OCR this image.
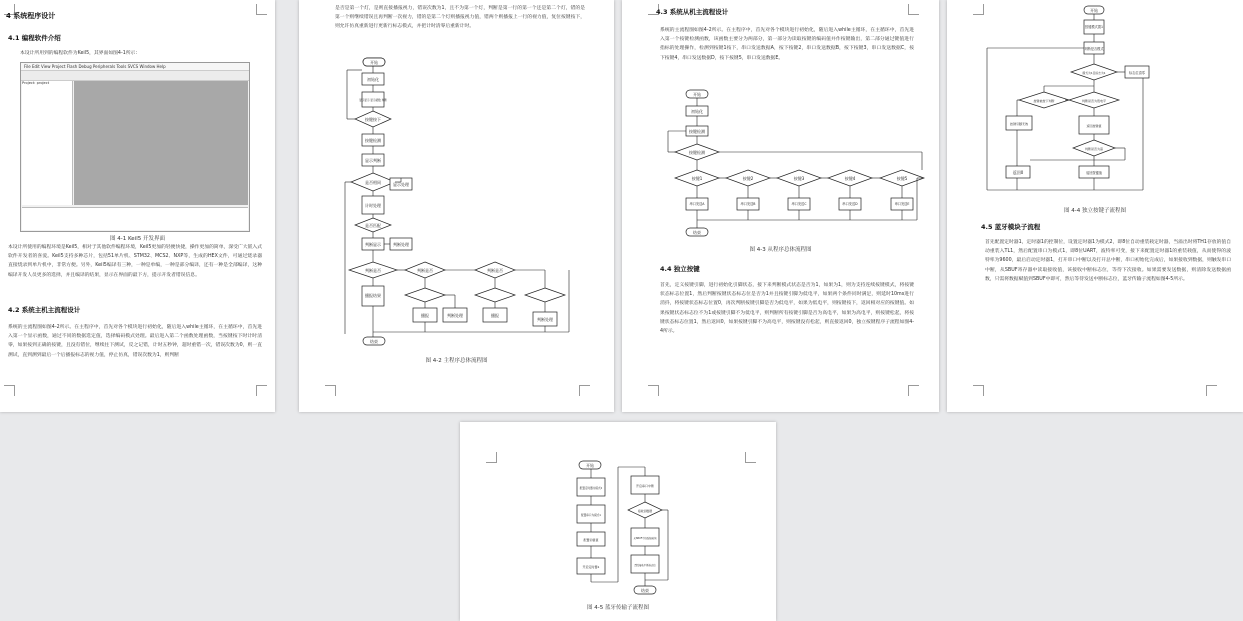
4 系统程序设计
4.1 编程软件介绍
本设计所用到的编程软件为Keil5，其界面如图4-1所示：
File Edit View Project Flash Debug Peripherals Tools SVCS Window Help
Project: project
图 4-1 Keil5 开发界面
本设计所使用的编程环境是Keil5，相对于其他软件编程环境，Keil5更加的轻便快捷，操作更加的简单，深受广大嵌入式软件开发者的喜爱。Keil5支持多种芯片，包括51单片机、STM32、MCS2、NXP等，生成的HEX文件，可通过烧录器直接烧录到单片机中，非常方便。另外，Keil5编译有三种，一种是单编，一种是部分编译，还有一种是全部编译，这种编译开发人员更多的选择，并且编译的结果，显示在界面的最下方，提示开发者错误信息。
4.2 系统主机主流程设计
系统的主流程图如图4-2所示。在主程序中，首先对各个模块进行初始化，随后进入while主循环，在主循环中，首先进入第一个显示函数，通过不同的数据选定值，选择编码模式处理。最后进入第二个函数处理函数，当按键按下时计时清零，如果按到正确的按键，且没有错位，继续往下测试，反之记错，计时五秒钟，超时重错一次，错误次数为0，则一直测试，直到测到最后一个后播报标志的视力值，停止仿真，错误次数为1，则判断
是否是第一个灯，是则直接播报视力，错误次数为1，且不为第一个灯，判断是第一行的第一个还是第二个灯，错的是第一个则继续错误且再判断一次视力，错的是第二个灯则播报视力值，错两个则播报上一行的视力值，复位按键按下，则允许仿真重新进行更新行标志模式，并把计时清零后重新计时。
开始
初始化
显示显示 显示函数 判断
按键按下
按键检测
显示判断
是否相同	显示处理
计时处理
是否匹配
判断显示	判断处理
判断是否	判断是否	判断是否
播报结果
播报	判断处理	播报
判断处理
结束
图 4-2 主程序总体流程图
4.3 系统从机主流程设计
系统的主流程图如图4-2所示。在主程序中，首先对各个模块进行初始化，随后进入while主循环，在主循环中，首先进入第一个按键检测函数，该函数主要分为两部分，第一部分为读取按键的编码值并作按键输出，第二部分通过键值进行指标的处理操作，检测到按键1按下，串口发送数据A，按下按键2，串口发送数据B，按下按键3，串口发送数据C，按下按键4，串口发送数据D，按下按键5，串口发送数据E。
开始
初始化
按键检测
按键检测
按键1	按键2	按键3	按键4	按键5
串口发送A	串口发送B	串口发送C	串口发送D	串口发送E
结束
图 4-3 从程序总体流程图
4.4 独立按键
首先，定义按键引脚，进行初始化引脚状态，接下来判断模式状态是否为1，如果为1，则为支持连续按键模式，将按键状态标志位置1，然后判断按键状态标志位是否为1并且按键引脚为低电平，如果两个条件同时满足，则延时10ms进行消抖，将按键状态标志位置0，再次判断按键引脚是否为低电平，如果为低电平，则按键按下，返回相对应的按键值。如果按键状态标志位不为1或按键引脚不为低电平，则判断所有按键引脚是否为高电平，如果为高电平，则按键松起，将按键状态标志位置1，然后返回0，如果按键引脚不为高电平，则按键没有松起，则直接返回0，独立按键程序子流程如图4-4所示。
开始
按键模式置1
判断是否模式
模式为1且标志为1	标志位清零
按键被按下判断	判断是否为低电平
按键引脚无效	返回按键值
判断是否为高
返回0	返回按键值
图 4-4 独立按键子流程图
4.5 蓝牙模块子流程
首先配置定时器1，定时器1的控制位，设置定时器1为模式2，即8位自动重装载定时器，当溢出时将TH1存放的值自动重装入TL1，然后配置串口为模式1，即8位UART，波特率可变，接下来配置定时器1的重装载值，从而使得的波特率为9600，最后启动定时器1，打开串口中断以及打开总中断，串口初始化完成后，如果接收到数据，则触发串口中断，从SBUF寄存器中读取接收值，该接收中断标志位，等待下次接收。如果需要发送数据，则清除发送数据函数，只需将数据赋值到SBUF中即可，然后等待发送中断标志位，蓝牙传输子流程如图4-5所示。
开始
配置定时器为模式2
配置串口为模式1
配置初值值
开启定时器1
开启串口中断
接收到数据
从SBUF中读取接收值
清除接收中断标志位
结束
图 4-5 蓝牙传输子流程图
